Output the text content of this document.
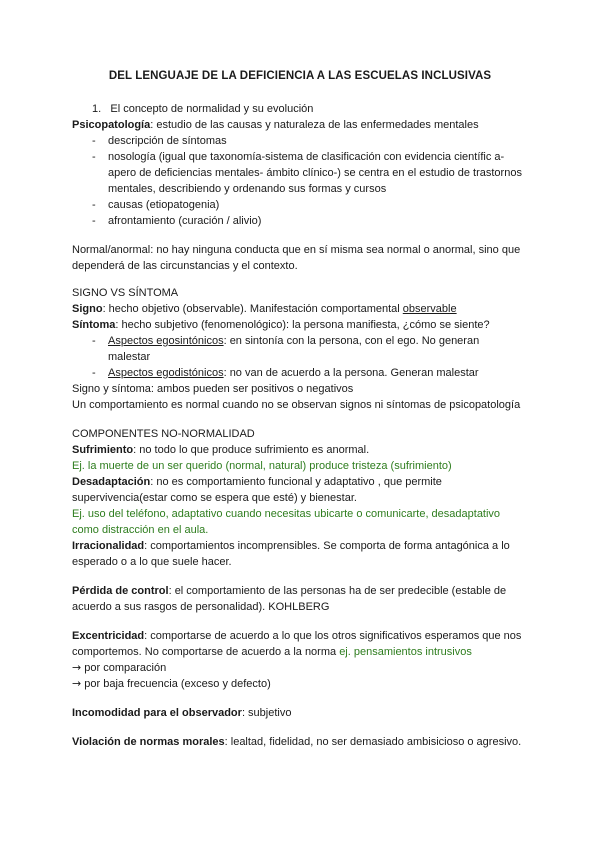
DEL LENGUAJE DE LA DEFICIENCIA A LAS ESCUELAS INCLUSIVAS
1. El concepto de normalidad y su evolución
Psicopatología: estudio de las causas y naturaleza de las enfermedades mentales
- descripción de síntomas
- nosología (igual que taxonomía-sistema de clasificación con evidencia científic a-
apero de deficiencias mentales- ámbito clínico-) se centra en el estudio de trastornos
mentales, describiendo y ordenando sus formas y cursos
- causas (etiopatogenia)
- afrontamiento (curación / alivio)
Normal/anormal: no hay ninguna conducta que en sí misma sea normal o anormal, sino que
dependerá de las circunstancias y el contexto.
SIGNO VS SÍNTOMA
Signo: hecho objetivo (observable). Manifestación comportamental observable
Síntoma: hecho subjetivo (fenomenológico): la persona manifiesta, ¿cómo se siente?
- Aspectos egosintónicos: en sintonía con la persona, con el ego. No generan
malestar
- Aspectos egodistónicos: no van de acuerdo a la persona. Generan malestar
Signo y síntoma: ambos pueden ser positivos o negativos
Un comportamiento es normal cuando no se observan signos ni síntomas de psicopatología
COMPONENTES NO-NORMALIDAD
Sufrimiento: no todo lo que produce sufrimiento es anormal.
Ej. la muerte de un ser querido (normal, natural) produce tristeza (sufrimiento)
Desadaptación: no es comportamiento funcional y adaptativo , que permite
supervivencia(estar como se espera que esté) y bienestar.
Ej. uso del teléfono, adaptativo cuando necesitas ubicarte o comunicarte, desadaptativo
como distracción en el aula.
Irracionalidad: comportamientos incomprensibles. Se comporta de forma antagónica a lo
esperado o a lo que suele hacer.
Pérdida de control: el comportamiento de las personas ha de ser predecible (estable de
acuerdo a sus rasgos de personalidad). KOHLBERG
Excentricidad: comportarse de acuerdo a lo que los otros significativos esperamos que nos
comportemos. No comportarse de acuerdo a la norma ej. pensamientos intrusivos
→ por comparación
→ por baja frecuencia (exceso y defecto)
Incomodidad para el observador: subjetivo
Violación de normas morales: lealtad, fidelidad, no ser demasiado ambisicioso o agresivo.
